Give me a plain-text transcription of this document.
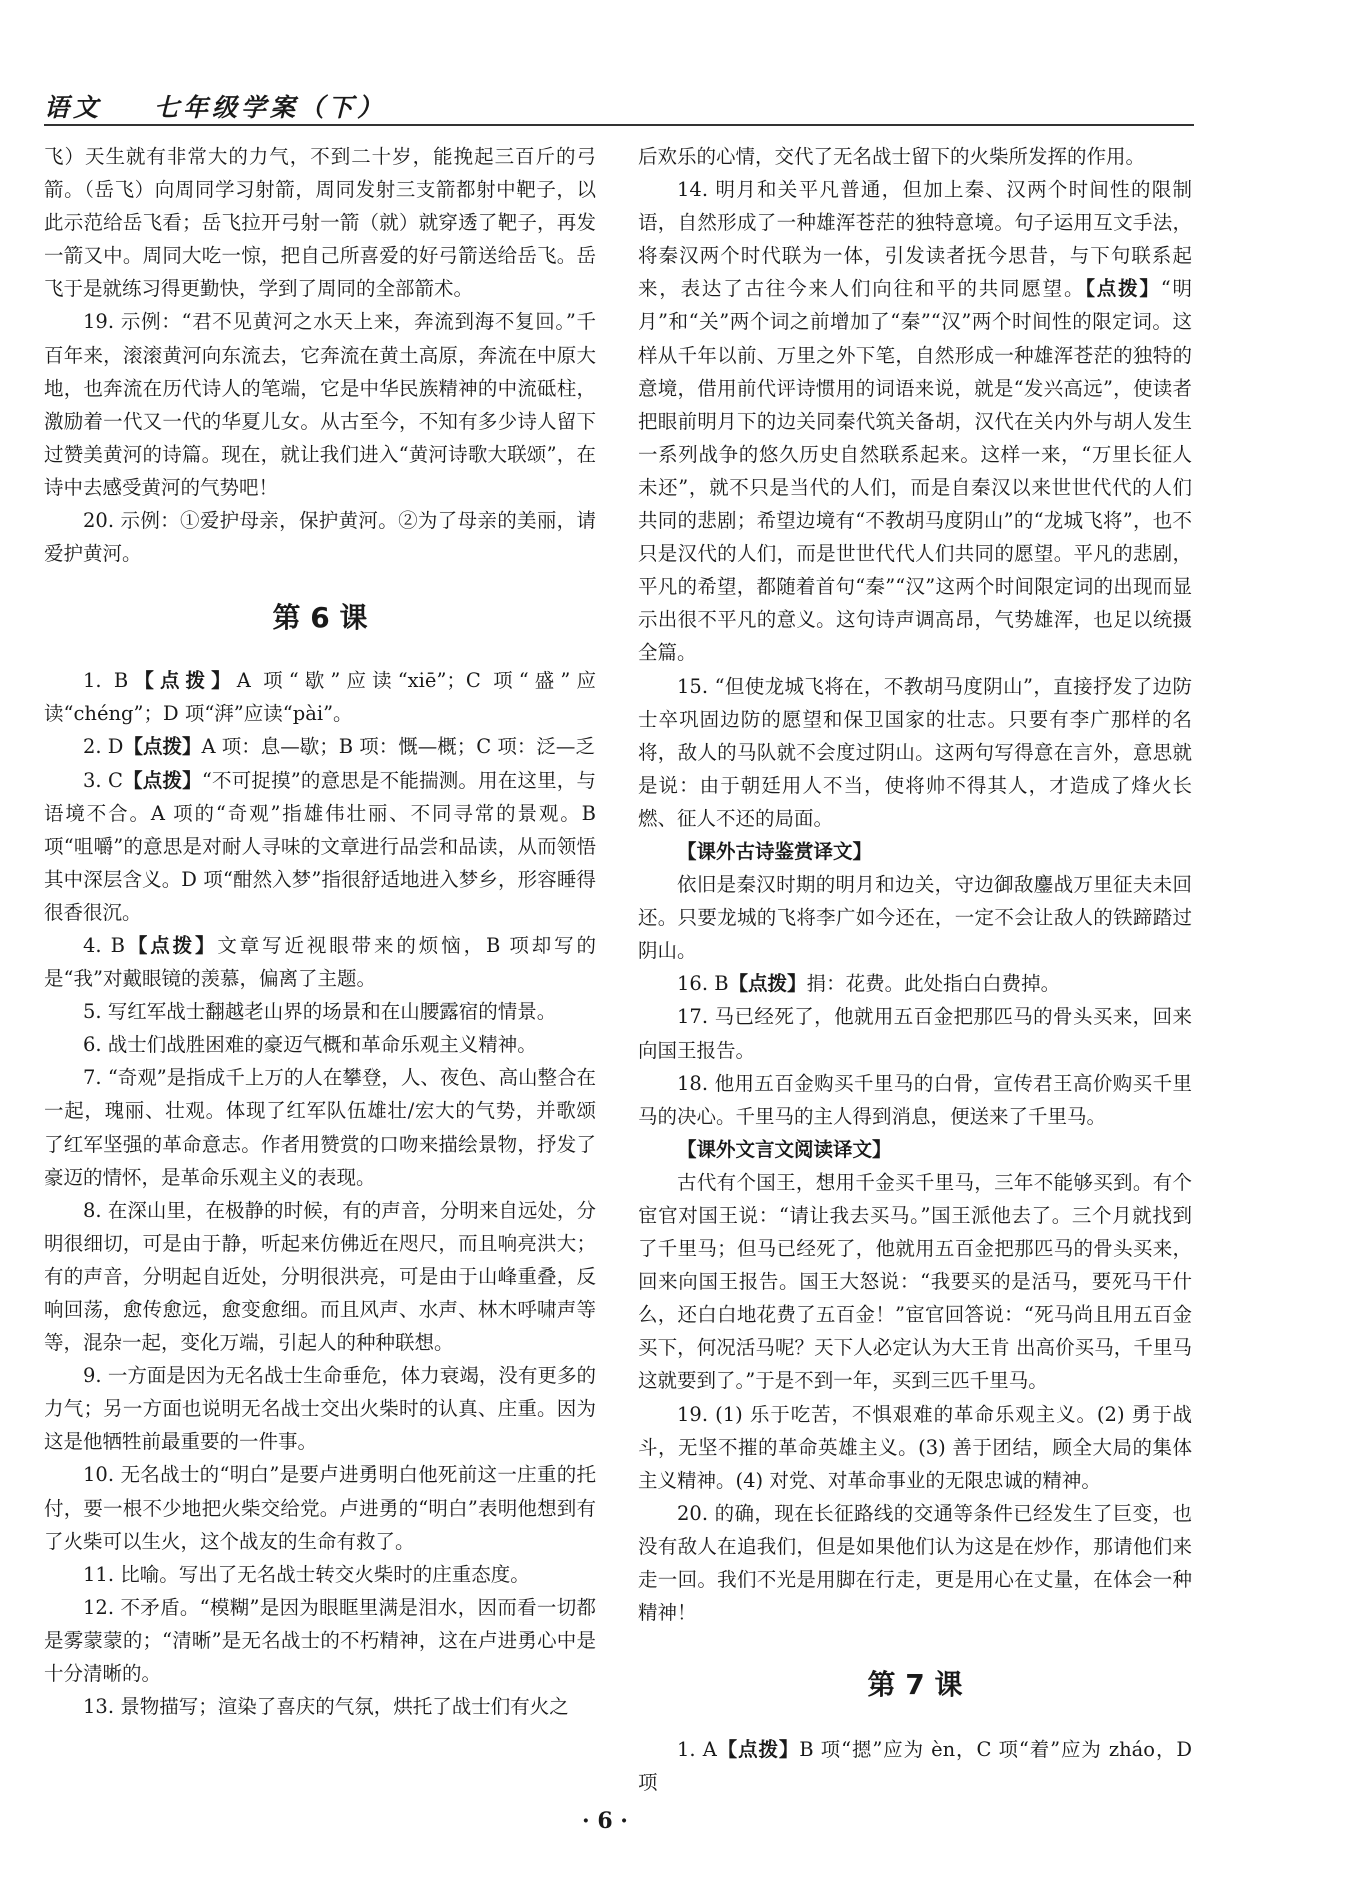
语文 七年级学案（下）

飞）天生就有非常大的力气，不到二十岁，能挽起三百斤的弓箭。（岳飞）向周同学习射箭，周同发射三支箭都射中靶子，以此示范给岳飞看；岳飞拉开弓射一箭（就）就穿透了靶子，再发一箭又中。周同大吃一惊，把自己所喜爱的好弓箭送给岳飞。岳飞于是就练习得更勤快，学到了周同的全部箭术。

19. 示例：“君不见黄河之水天上来，奔流到海不复回。”千百年来，滚滚黄河向东流去，它奔流在黄土高原，奔流在中原大地，也奔流在历代诗人的笔端，它是中华民族精神的中流砥柱，激励着一代又一代的华夏儿女。从古至今，不知有多少诗人留下过赞美黄河的诗篇。现在，就让我们进入“黄河诗歌大联颂”，在诗中去感受黄河的气势吧！

20. 示例：①爱护母亲，保护黄河。②为了母亲的美丽，请爱护黄河。

第 6 课

1. B【点拨】A 项“歇”应读“xiē”；C 项“盛”应读“chéng”；D 项“湃”应读“pài”。

2. D【点拨】A 项：息—歇；B 项：慨—概；C 项：泛—乏

3. C【点拨】“不可捉摸”的意思是不能揣测。用在这里，与语境不合。A 项的“奇观”指雄伟壮丽、不同寻常的景观。B 项“咀嚼”的意思是对耐人寻味的文章进行品尝和品读，从而领悟其中深层含义。D 项“酣然入梦”指很舒适地进入梦乡，形容睡得很香很沉。

4. B【点拨】文章写近视眼带来的烦恼，B 项却写的是“我”对戴眼镜的羡慕，偏离了主题。

5. 写红军战士翻越老山界的场景和在山腰露宿的情景。

6. 战士们战胜困难的豪迈气概和革命乐观主义精神。

7. “奇观”是指成千上万的人在攀登，人、夜色、高山整合在一起，瑰丽、壮观。体现了红军队伍雄壮/宏大的气势，并歌颂了红军坚强的革命意志。作者用赞赏的口吻来描绘景物，抒发了豪迈的情怀，是革命乐观主义的表现。

8. 在深山里，在极静的时候，有的声音，分明来自远处，分明很细切，可是由于静，听起来仿佛近在咫尺，而且响亮洪大；有的声音，分明起自近处，分明很洪亮，可是由于山峰重叠，反响回荡，愈传愈远，愈变愈细。而且风声、水声、林木呼啸声等等，混杂一起，变化万端，引起人的种种联想。

9. 一方面是因为无名战士生命垂危，体力衰竭，没有更多的力气；另一方面也说明无名战士交出火柴时的认真、庄重。因为这是他牺牲前最重要的一件事。

10. 无名战士的“明白”是要卢进勇明白他死前这一庄重的托付，要一根不少地把火柴交给党。卢进勇的“明白”表明他想到有了火柴可以生火，这个战友的生命有救了。

11. 比喻。写出了无名战士转交火柴时的庄重态度。

12. 不矛盾。“模糊”是因为眼眶里满是泪水，因而看一切都是雾蒙蒙的；“清晰”是无名战士的不朽精神，这在卢进勇心中是十分清晰的。

13. 景物描写；渲染了喜庆的气氛，烘托了战士们有火之

后欢乐的心情，交代了无名战士留下的火柴所发挥的作用。

14. 明月和关平凡普通，但加上秦、汉两个时间性的限制语，自然形成了一种雄浑苍茫的独特意境。句子运用互文手法，将秦汉两个时代联为一体，引发读者抚今思昔，与下句联系起来，表达了古往今来人们向往和平的共同愿望。【点拨】“明月”和“关”两个词之前增加了“秦”“汉”两个时间性的限定词。这样从千年以前、万里之外下笔，自然形成一种雄浑苍茫的独特的意境，借用前代评诗惯用的词语来说，就是“发兴高远”，使读者把眼前明月下的边关同秦代筑关备胡，汉代在关内外与胡人发生一系列战争的悠久历史自然联系起来。这样一来，“万里长征人未还”，就不只是当代的人们，而是自秦汉以来世世代代的人们共同的悲剧；希望边境有“不教胡马度阴山”的“龙城飞将”，也不只是汉代的人们，而是世世代代人们共同的愿望。平凡的悲剧，平凡的希望，都随着首句“秦”“汉”这两个时间限定词的出现而显示出很不平凡的意义。这句诗声调高昂，气势雄浑，也足以统摄全篇。

15. “但使龙城飞将在，不教胡马度阴山”，直接抒发了边防士卒巩固边防的愿望和保卫国家的壮志。只要有李广那样的名将，敌人的马队就不会度过阴山。这两句写得意在言外，意思就是说：由于朝廷用人不当，使将帅不得其人，才造成了烽火长燃、征人不还的局面。

【课外古诗鉴赏译文】

依旧是秦汉时期的明月和边关，守边御敌鏖战万里征夫未回还。只要龙城的飞将李广如今还在，一定不会让敌人的铁蹄踏过阴山。

16. B【点拨】捐：花费。此处指白白费掉。

17. 马已经死了，他就用五百金把那匹马的骨头买来，回来向国王报告。

18. 他用五百金购买千里马的白骨，宣传君王高价购买千里马的决心。千里马的主人得到消息，便送来了千里马。

【课外文言文阅读译文】

古代有个国王，想用千金买千里马，三年不能够买到。有个宦官对国王说：“请让我去买马。”国王派他去了。三个月就找到了千里马；但马已经死了，他就用五百金把那匹马的骨头买来，回来向国王报告。国王大怒说：“我要买的是活马，要死马干什么，还白白地花费了五百金！”宦官回答说：“死马尚且用五百金买下，何况活马呢？天下人必定认为大王肯 出高价买马，千里马这就要到了。”于是不到一年，买到三匹千里马。

19. (1) 乐于吃苦，不惧艰难的革命乐观主义。(2) 勇于战斗，无坚不摧的革命英雄主义。(3) 善于团结，顾全大局的集体主义精神。(4) 对党、对革命事业的无限忠诚的精神。

20. 的确，现在长征路线的交通等条件已经发生了巨变，也没有敌人在追我们，但是如果他们认为这是在炒作，那请他们来走一回。我们不光是用脚在行走，更是用心在丈量，在体会一种精神！

第 7 课

1. A【点拨】B 项“摁”应为 èn，C 项“着”应为 zháo，D 项

· 6 ·
